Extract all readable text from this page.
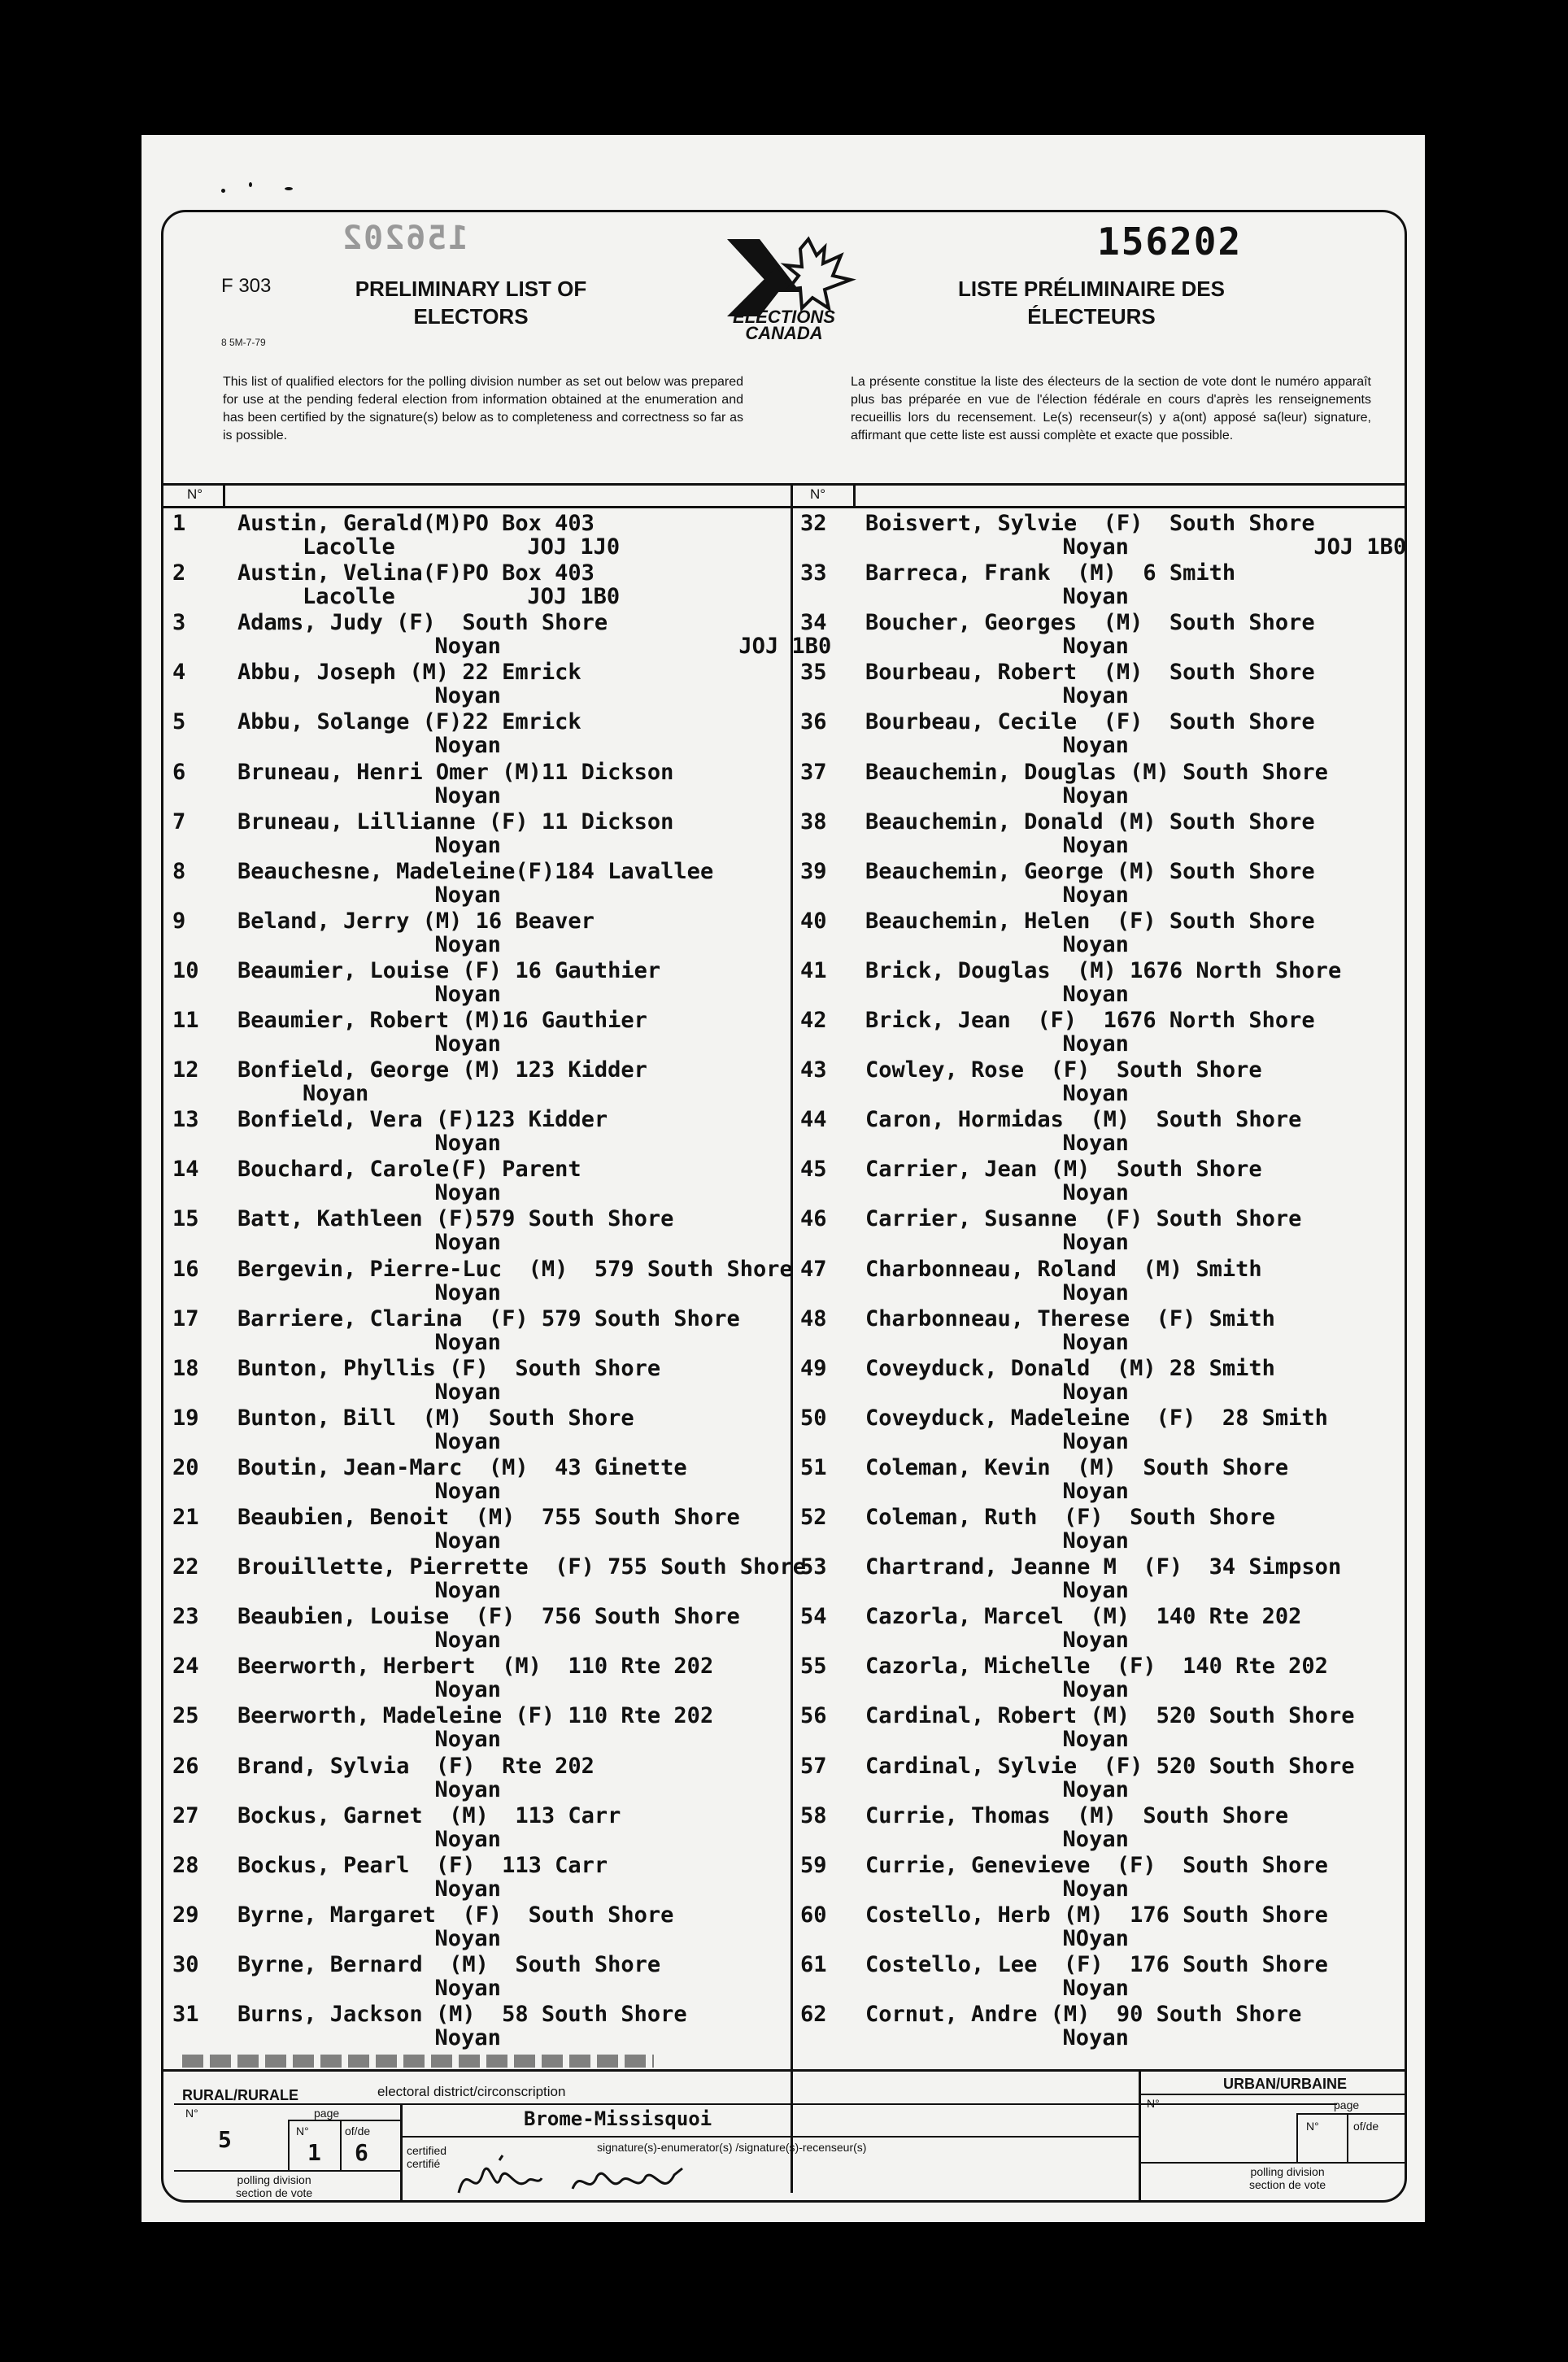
156202	156202
F 303
8 5M-7-79
PRELIMINARY LIST OF
ELECTORS	ELECTIONS
CANADA
LISTE PRÉLIMINAIRE DES
ÉLECTEURS
This list of qualified electors for the polling division number as set out below was prepared for use at the pending federal election from information obtained at the enumeration and has been certified by the signature(s) below as to completeness and correctness so far as is possible.
La présente constitue la liste des électeurs de la section de vote dont le numéro apparaît plus bas préparée en vue de l'élection fédérale en cours d'après les renseignements recueillis lors du recensement. Le(s) recenseur(s) y a(ont) apposé sa(leur) signature, affirmant que cette liste est aussi complète et exacte que possible.
N°	N°
1	Austin, Gerald(M)PO Box 403
Lacolle          JOJ 1J0
2	Austin, Velina(F)PO Box 403
Lacolle          JOJ 1B0
3	Adams, Judy (F)  South Shore
Noyan                  JOJ 1B0
4	Abbu, Joseph (M) 22 Emrick
Noyan
5	Abbu, Solange (F)22 Emrick
Noyan
6	Bruneau, Henri Omer (M)11 Dickson
Noyan
7	Bruneau, Lillianne (F) 11 Dickson
Noyan
8	Beauchesne, Madeleine(F)184 Lavallee
Noyan
9	Beland, Jerry (M) 16 Beaver
Noyan
10	Beaumier, Louise (F) 16 Gauthier
Noyan
11	Beaumier, Robert (M)16 Gauthier
Noyan
12	Bonfield, George (M) 123 Kidder
Noyan
13	Bonfield, Vera (F)123 Kidder
Noyan
14	Bouchard, Carole(F) Parent
Noyan
15	Batt, Kathleen (F)579 South Shore
Noyan
16	Bergevin, Pierre-Luc  (M)  579 South Shore
Noyan
17	Barriere, Clarina  (F) 579 South Shore
Noyan
18	Bunton, Phyllis (F)  South Shore
Noyan
19	Bunton, Bill  (M)  South Shore
Noyan
20	Boutin, Jean-Marc  (M)  43 Ginette
Noyan
21	Beaubien, Benoit  (M)  755 South Shore
Noyan
22	Brouillette, Pierrette  (F) 755 South Shore
Noyan
23	Beaubien, Louise  (F)  756 South Shore
Noyan
24	Beerworth, Herbert  (M)  110 Rte 202
Noyan
25	Beerworth, Madeleine (F) 110 Rte 202
Noyan
26	Brand, Sylvia  (F)  Rte 202
Noyan
27	Bockus, Garnet  (M)  113 Carr
Noyan
28	Bockus, Pearl  (F)  113 Carr
Noyan
29	Byrne, Margaret  (F)  South Shore
Noyan
30	Byrne, Bernard  (M)  South Shore
Noyan
31	Burns, Jackson (M)  58 South Shore
Noyan
32	Boisvert, Sylvie  (F)  South Shore
Noyan              JOJ 1B0
33	Barreca, Frank  (M)  6 Smith
Noyan
34	Boucher, Georges  (M)  South Shore
Noyan
35	Bourbeau, Robert  (M)  South Shore
Noyan
36	Bourbeau, Cecile  (F)  South Shore
Noyan
37	Beauchemin, Douglas (M) South Shore
Noyan
38	Beauchemin, Donald (M) South Shore
Noyan
39	Beauchemin, George (M) South Shore
Noyan
40	Beauchemin, Helen  (F) South Shore
Noyan
41	Brick, Douglas  (M) 1676 North Shore
Noyan
42	Brick, Jean  (F)  1676 North Shore
Noyan
43	Cowley, Rose  (F)  South Shore
Noyan
44	Caron, Hormidas  (M)  South Shore
Noyan
45	Carrier, Jean (M)  South Shore
Noyan
46	Carrier, Susanne  (F) South Shore
Noyan
47	Charbonneau, Roland  (M) Smith
Noyan
48	Charbonneau, Therese  (F) Smith
Noyan
49	Coveyduck, Donald  (M) 28 Smith
Noyan
50	Coveyduck, Madeleine  (F)  28 Smith
Noyan
51	Coleman, Kevin  (M)  South Shore
Noyan
52	Coleman, Ruth  (F)  South Shore
Noyan
53	Chartrand, Jeanne M  (F)  34 Simpson
Noyan
54	Cazorla, Marcel  (M)  140 Rte 202
Noyan
55	Cazorla, Michelle  (F)  140 Rte 202
Noyan
56	Cardinal, Robert (M)  520 South Shore
Noyan
57	Cardinal, Sylvie  (F) 520 South Shore
Noyan
58	Currie, Thomas  (M)  South Shore
Noyan
59	Currie, Genevieve  (F)  South Shore
Noyan
60	Costello, Herb (M)  176 South Shore
NOyan
61	Costello, Lee  (F)  176 South Shore
Noyan
62	Cornut, Andre (M)  90 South Shore
Noyan
RURAL/RURALE	electoral district/circonscription
Brome-Missisquoi
N°	page
N°	of/de
5	1 6
polling division
section de vote
certified
certifié
signature(s)-enumerator(s) /signature(s)-recenseur(s)
URBAN/URBAINE
N°	page
N°	of/de
polling division
section de vote
